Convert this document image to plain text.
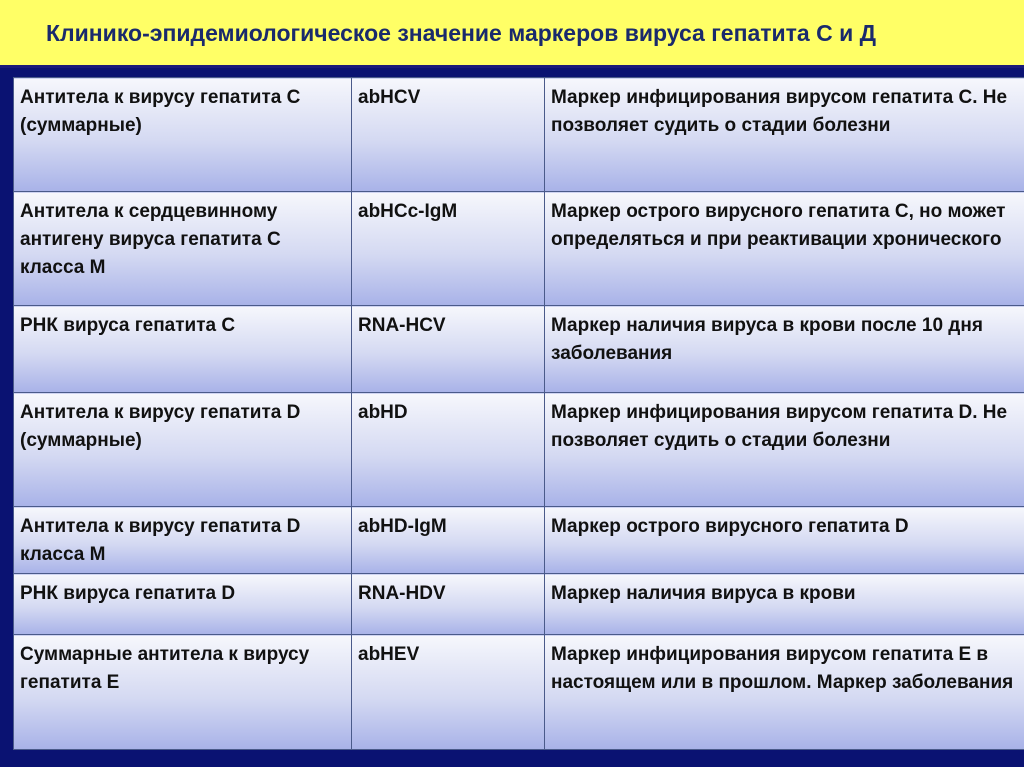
Клинико-эпидемиологическое значение маркеров вируса гепатита С и Д
Антитела к вирусу гепатита С (суммарные)	abHCV	Маркер инфицирования вирусом гепатита С. Не позволяет судить о стадии болезни
Антитела к сердцевинному антигену вируса гепатита С класса М	abHCc-IgM	Маркер острого вирусного гепатита С, но может определяться и при реактивации хронического
РНК вируса гепатита С	RNA-HCV	Маркер наличия вируса в крови после 10 дня заболевания
Антитела к вирусу гепатита D (суммарные)	abHD	Маркер инфицирования вирусом гепатита D. Не позволяет судить о стадии болезни
Антитела к вирусу гепатита D класса М	abHD-IgM	Маркер острого вирусного гепатита D
РНК вируса гепатита D	RNA-HDV	Маркер наличия вируса в крови
Суммарные антитела к вирусу гепатита Е	abHEV	Маркер инфицирования вирусом гепатита Е в настоящем или в прошлом. Маркер заболевания
